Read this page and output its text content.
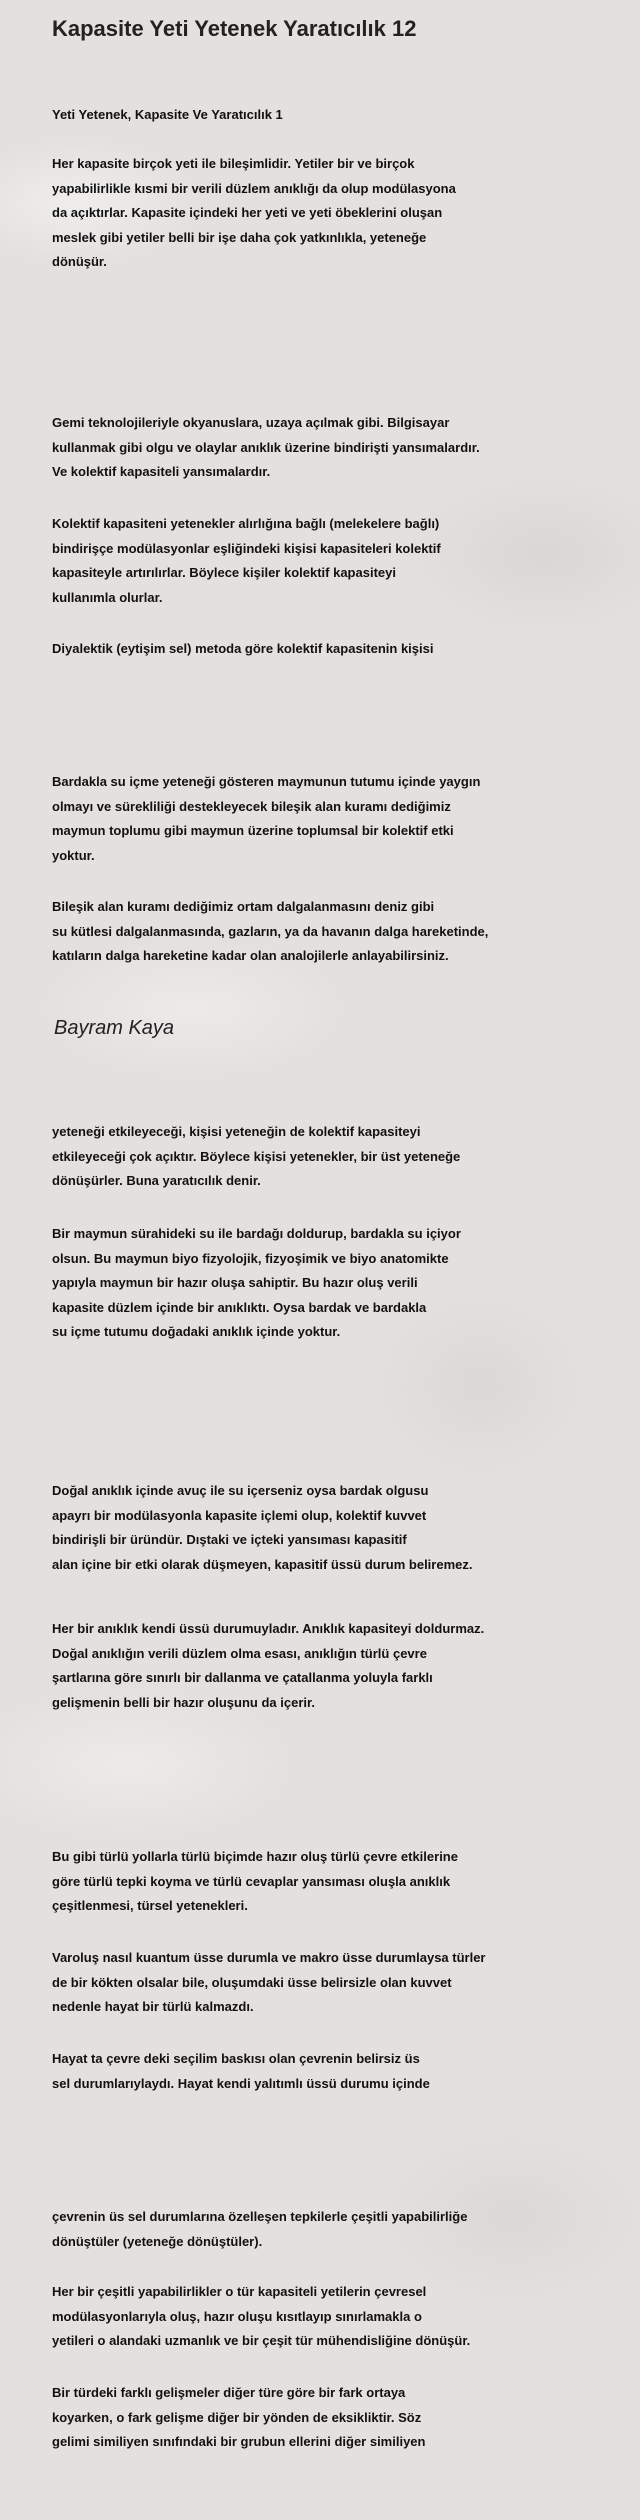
Kapasite Yeti Yetenek Yaratıcılık 12
Yeti Yetenek, Kapasite Ve Yaratıcılık 1
Her kapasite birçok yeti ile bileşimlidir. Yetiler bir ve birçok
yapabilirlikle kısmi bir verili düzlem anıklığı da olup modülasyona
da açıktırlar. Kapasite içindeki her yeti ve yeti öbeklerini oluşan
meslek gibi yetiler belli bir işe daha çok yatkınlıkla, yeteneğe
dönüşür.
Gemi teknolojileriyle okyanuslara, uzaya açılmak gibi. Bilgisayar
kullanmak gibi olgu ve olaylar anıklık üzerine bindirişti yansımalardır.
Ve kolektif kapasiteli yansımalardır.
Kolektif kapasiteni yetenekler alırlığına bağlı (melekelere bağlı)
bindirişçe modülasyonlar eşliğindeki kişisi kapasiteleri kolektif
kapasiteyle artırılırlar. Böylece kişiler kolektif kapasiteyi
kullanımla olurlar.
Diyalektik (eytişim sel) metoda göre kolektif kapasitenin kişisi
Bardakla su içme yeteneği gösteren maymunun tutumu içinde yaygın
olmayı ve sürekliliği destekleyecek bileşik alan kuramı dediğimiz
maymun toplumu gibi maymun üzerine toplumsal bir kolektif etki
yoktur.
Bileşik alan kuramı dediğimiz ortam dalgalanmasını deniz gibi
su kütlesi dalgalanmasında, gazların, ya da havanın dalga hareketinde,
katıların dalga hareketine kadar olan analojilerle anlayabilirsiniz.
Bayram Kaya
yeteneği etkileyeceği, kişisi yeteneğin de kolektif kapasiteyi
etkileyeceği çok açıktır. Böylece kişisi yetenekler, bir üst yeteneğe
dönüşürler. Buna yaratıcılık denir.
Bir maymun sürahideki su ile bardağı doldurup, bardakla su içiyor
olsun. Bu maymun biyo fizyolojik, fizyoşimik ve biyo anatomikte
yapıyla maymun bir hazır oluşa sahiptir. Bu hazır oluş verili
kapasite düzlem içinde bir anıklıktı. Oysa bardak ve bardakla
su içme tutumu doğadaki anıklık içinde yoktur.
Doğal anıklık içinde avuç ile su içerseniz oysa bardak olgusu
apayrı bir modülasyonla kapasite içlemi olup, kolektif kuvvet
bindirişli bir üründür. Dıştaki ve içteki yansıması kapasitif
alan içine bir etki olarak düşmeyen, kapasitif üssü durum beliremez.
Her bir anıklık kendi üssü durumuyladır. Anıklık kapasiteyi doldurmaz.
Doğal anıklığın verili düzlem olma esası, anıklığın türlü çevre
şartlarına göre sınırlı bir dallanma ve çatallanma yoluyla farklı
gelişmenin belli bir hazır oluşunu da içerir.
Bu gibi türlü yollarla türlü biçimde hazır oluş türlü çevre etkilerine
göre türlü tepki koyma ve türlü cevaplar yansıması oluşla anıklık
çeşitlenmesi, türsel yetenekleri.
Varoluş nasıl kuantum üsse durumla ve makro üsse durumlaysa türler
de bir kökten olsalar bile, oluşumdaki üsse belirsizle olan kuvvet
nedenle hayat bir türlü kalmazdı.
Hayat ta çevre deki seçilim baskısı olan çevrenin belirsiz üs
sel durumlarıylaydı. Hayat kendi yalıtımlı üssü durumu içinde
çevrenin üs sel durumlarına özelleşen tepkilerle çeşitli yapabilirliğe
dönüştüler (yeteneğe dönüştüler).
Her bir çeşitli yapabilirlikler o tür kapasiteli yetilerin çevresel
modülasyonlarıyla oluş, hazır oluşu kısıtlayıp sınırlamakla o
yetileri o alandaki uzmanlık ve bir çeşit tür mühendisliğine dönüşür.
Bir türdeki farklı gelişmeler diğer türe göre bir fark ortaya
koyarken, o fark gelişme diğer bir yönden de eksikliktir. Söz
gelimi similiyen sınıfındaki bir grubun ellerini diğer similiyen
